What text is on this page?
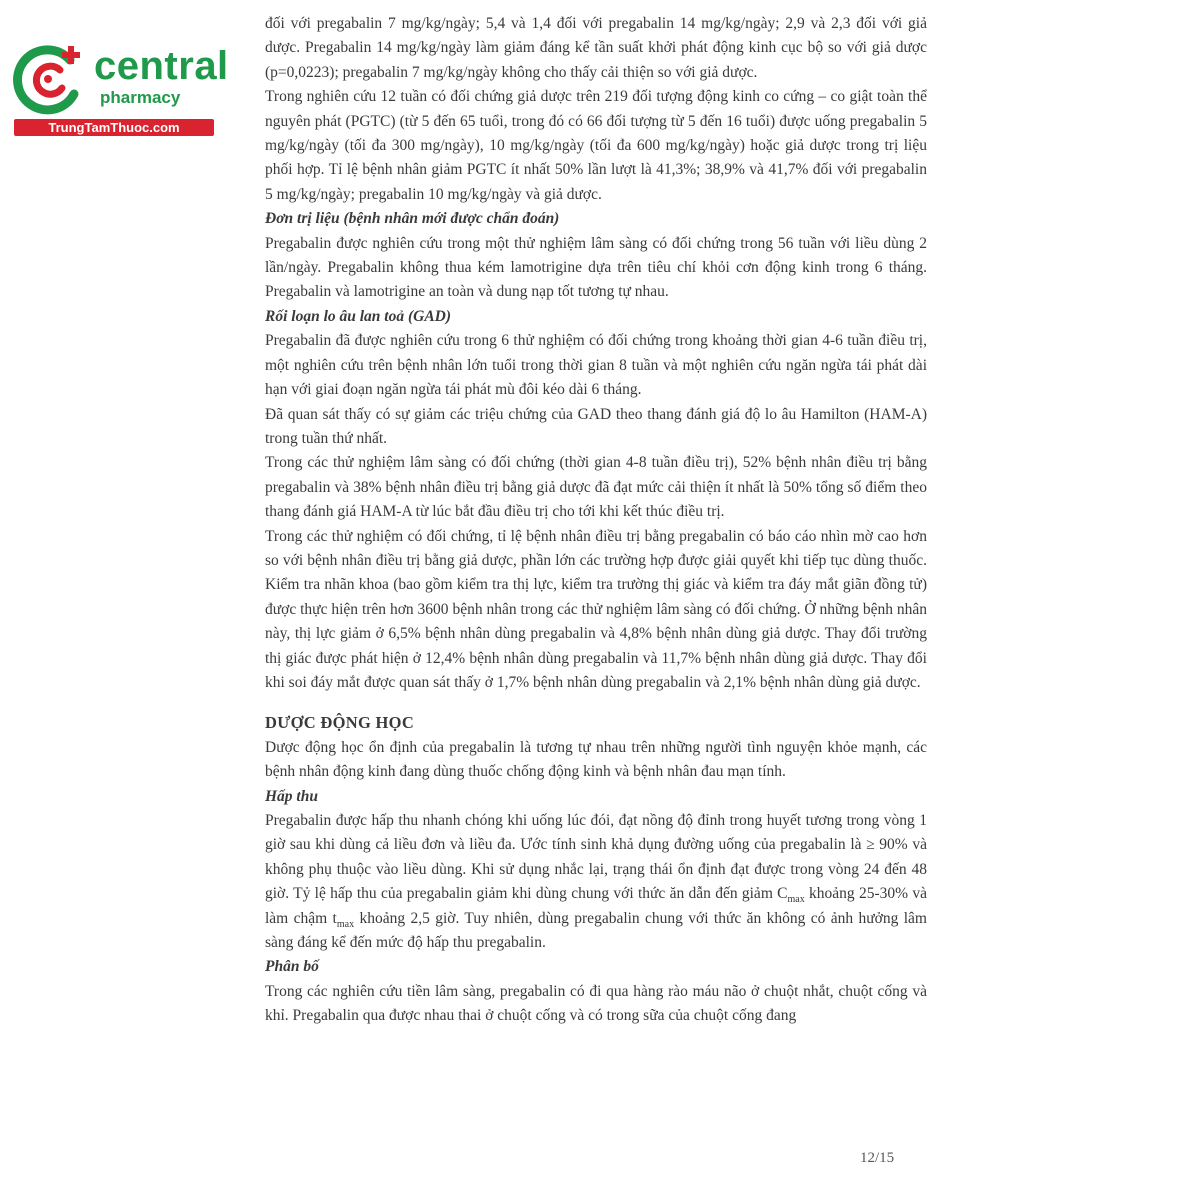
central
pharmacy
TrungTamThuoc.com

đối với pregabalin 7 mg/kg/ngày; 5,4 và 1,4 đối với pregabalin 14 mg/kg/ngày; 2,9 và 2,3 đối với giả dược. Pregabalin 14 mg/kg/ngày làm giảm đáng kể tần suất khởi phát động kinh cục bộ so với giả dược (p=0,0223); pregabalin 7 mg/kg/ngày không cho thấy cải thiện so với giả dược.

Trong nghiên cứu 12 tuần có đối chứng giả dược trên 219 đối tượng động kinh co cứng – co giật toàn thể nguyên phát (PGTC) (từ 5 đến 65 tuổi, trong đó có 66 đối tượng từ 5 đến 16 tuổi) được uống pregabalin 5 mg/kg/ngày (tối đa 300 mg/ngày), 10 mg/kg/ngày (tối đa 600 mg/kg/ngày) hoặc giả dược trong trị liệu phối hợp. Tỉ lệ bệnh nhân giảm PGTC ít nhất 50% lần lượt là 41,3%; 38,9% và 41,7% đối với pregabalin 5 mg/kg/ngày; pregabalin 10 mg/kg/ngày và giả dược.

Đơn trị liệu (bệnh nhân mới được chẩn đoán)

Pregabalin được nghiên cứu trong một thử nghiệm lâm sàng có đối chứng trong 56 tuần với liều dùng 2 lần/ngày. Pregabalin không thua kém lamotrigine dựa trên tiêu chí khỏi cơn động kinh trong 6 tháng. Pregabalin và lamotrigine an toàn và dung nạp tốt tương tự nhau.

Rối loạn lo âu lan toả (GAD)

Pregabalin đã được nghiên cứu trong 6 thử nghiệm có đối chứng trong khoảng thời gian 4-6 tuần điều trị, một nghiên cứu trên bệnh nhân lớn tuổi trong thời gian 8 tuần và một nghiên cứu ngăn ngừa tái phát dài hạn với giai đoạn ngăn ngừa tái phát mù đôi kéo dài 6 tháng.

Đã quan sát thấy có sự giảm các triệu chứng của GAD theo thang đánh giá độ lo âu Hamilton (HAM-A) trong tuần thứ nhất.

Trong các thử nghiệm lâm sàng có đối chứng (thời gian 4-8 tuần điều trị), 52% bệnh nhân điều trị bằng pregabalin và 38% bệnh nhân điều trị bằng giả dược đã đạt mức cải thiện ít nhất là 50% tổng số điểm theo thang đánh giá HAM-A từ lúc bắt đầu điều trị cho tới khi kết thúc điều trị.

Trong các thử nghiệm có đối chứng, tỉ lệ bệnh nhân điều trị bằng pregabalin có báo cáo nhìn mờ cao hơn so với bệnh nhân điều trị bằng giả dược, phần lớn các trường hợp được giải quyết khi tiếp tục dùng thuốc. Kiểm tra nhãn khoa (bao gồm kiểm tra thị lực, kiểm tra trường thị giác và kiểm tra đáy mắt giãn đồng tử) được thực hiện trên hơn 3600 bệnh nhân trong các thử nghiệm lâm sàng có đối chứng. Ở những bệnh nhân này, thị lực giảm ở 6,5% bệnh nhân dùng pregabalin và 4,8% bệnh nhân dùng giả dược. Thay đổi trường thị giác được phát hiện ở 12,4% bệnh nhân dùng pregabalin và 11,7% bệnh nhân dùng giả dược. Thay đổi khi soi đáy mắt được quan sát thấy ở 1,7% bệnh nhân dùng pregabalin và 2,1% bệnh nhân dùng giả dược.

DƯỢC ĐỘNG HỌC

Dược động học ổn định của pregabalin là tương tự nhau trên những người tình nguyện khỏe mạnh, các bệnh nhân động kinh đang dùng thuốc chống động kinh và bệnh nhân đau mạn tính.

Hấp thu

Pregabalin được hấp thu nhanh chóng khi uống lúc đói, đạt nồng độ đỉnh trong huyết tương trong vòng 1 giờ sau khi dùng cả liều đơn và liều đa. Ước tính sinh khả dụng đường uống của pregabalin là ≥ 90% và không phụ thuộc vào liều dùng. Khi sử dụng nhắc lại, trạng thái ổn định đạt được trong vòng 24 đến 48 giờ. Tỷ lệ hấp thu của pregabalin giảm khi dùng chung với thức ăn dẫn đến giảm $C_{max}$ khoảng 25-30% và làm chậm $t_{max}$ khoảng 2,5 giờ. Tuy nhiên, dùng pregabalin chung với thức ăn không có ảnh hưởng lâm sàng đáng kể đến mức độ hấp thu pregabalin.

Phân bố

Trong các nghiên cứu tiền lâm sàng, pregabalin có đi qua hàng rào máu não ở chuột nhắt, chuột cống và khỉ. Pregabalin qua được nhau thai ở chuột cống và có trong sữa của chuột cống đang

12/15
